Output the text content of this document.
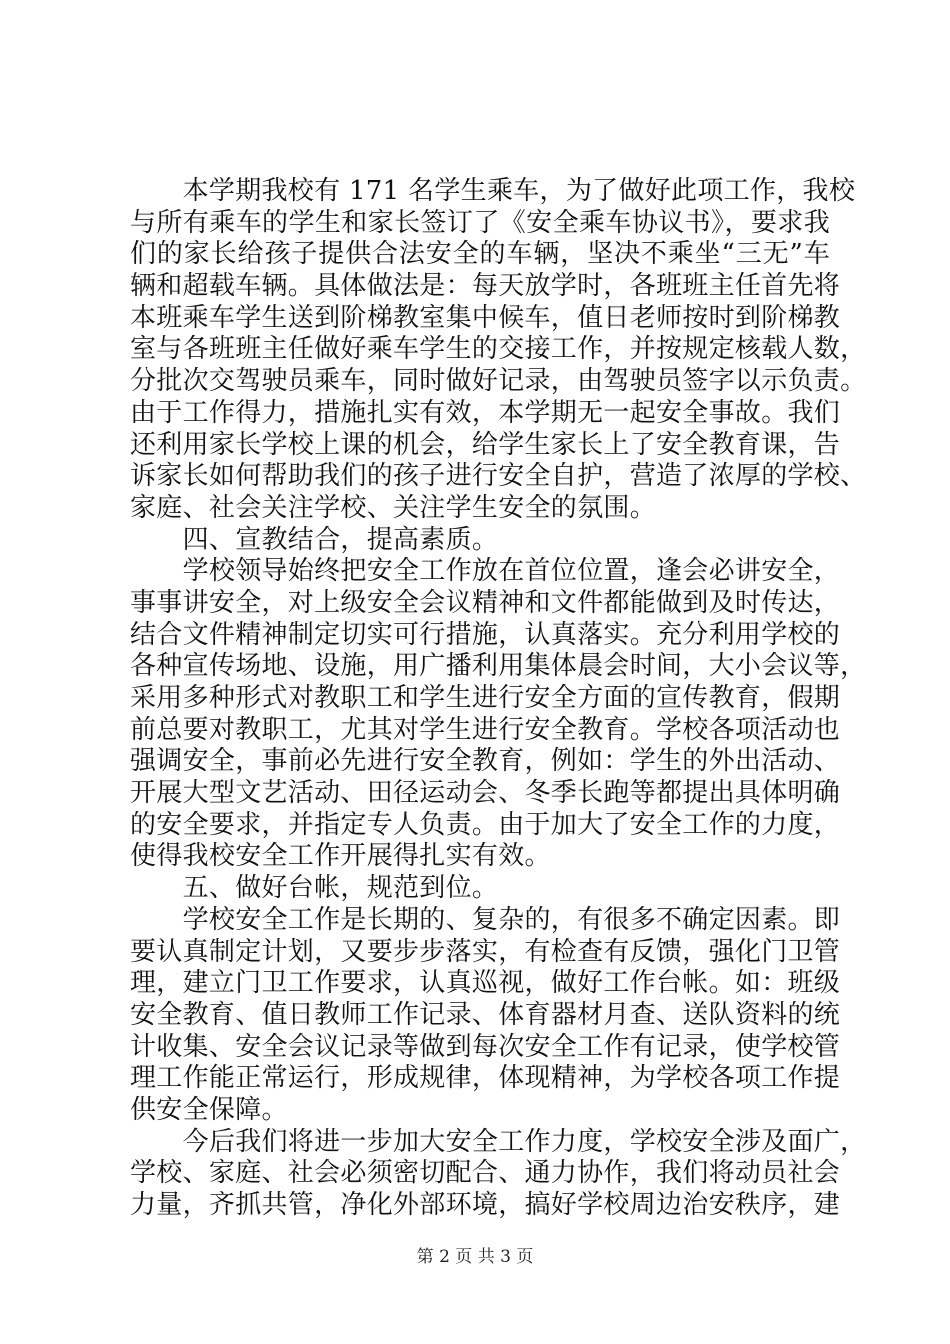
　　本学期我校有 171 名学生乘车，为了做好此项工作，我校
与所有乘车的学生和家长签订了《安全乘车协议书》，要求我
们的家长给孩子提供合法安全的车辆，坚决不乘坐“三无”车
辆和超载车辆。具体做法是：每天放学时，各班班主任首先将
本班乘车学生送到阶梯教室集中候车，值日老师按时到阶梯教
室与各班班主任做好乘车学生的交接工作，并按规定核载人数，
分批次交驾驶员乘车，同时做好记录，由驾驶员签字以示负责。
由于工作得力，措施扎实有效，本学期无一起安全事故。我们
还利用家长学校上课的机会，给学生家长上了安全教育课，告
诉家长如何帮助我们的孩子进行安全自护，营造了浓厚的学校、
家庭、社会关注学校、关注学生安全的氛围。
　　四、宣教结合，提高素质。
　　学校领导始终把安全工作放在首位位置，逢会必讲安全，
事事讲安全，对上级安全会议精神和文件都能做到及时传达，
结合文件精神制定切实可行措施，认真落实。充分利用学校的
各种宣传场地、设施，用广播利用集体晨会时间，大小会议等，
采用多种形式对教职工和学生进行安全方面的宣传教育，假期
前总要对教职工，尤其对学生进行安全教育。学校各项活动也
强调安全，事前必先进行安全教育，例如：学生的外出活动、
开展大型文艺活动、田径运动会、冬季长跑等都提出具体明确
的安全要求，并指定专人负责。由于加大了安全工作的力度，
使得我校安全工作开展得扎实有效。
　　五、做好台帐，规范到位。
　　学校安全工作是长期的、复杂的，有很多不确定因素。即
要认真制定计划，又要步步落实，有检查有反馈，强化门卫管
理，建立门卫工作要求，认真巡视，做好工作台帐。如：班级
安全教育、值日教师工作记录、体育器材月查、送队资料的统
计收集、安全会议记录等做到每次安全工作有记录，使学校管
理工作能正常运行，形成规律，体现精神，为学校各项工作提
供安全保障。
　　今后我们将进一步加大安全工作力度，学校安全涉及面广，
学校、家庭、社会必须密切配合、通力协作，我们将动员社会
力量，齐抓共管，净化外部环境，搞好学校周边治安秩序，建
第 2 页 共 3 页
